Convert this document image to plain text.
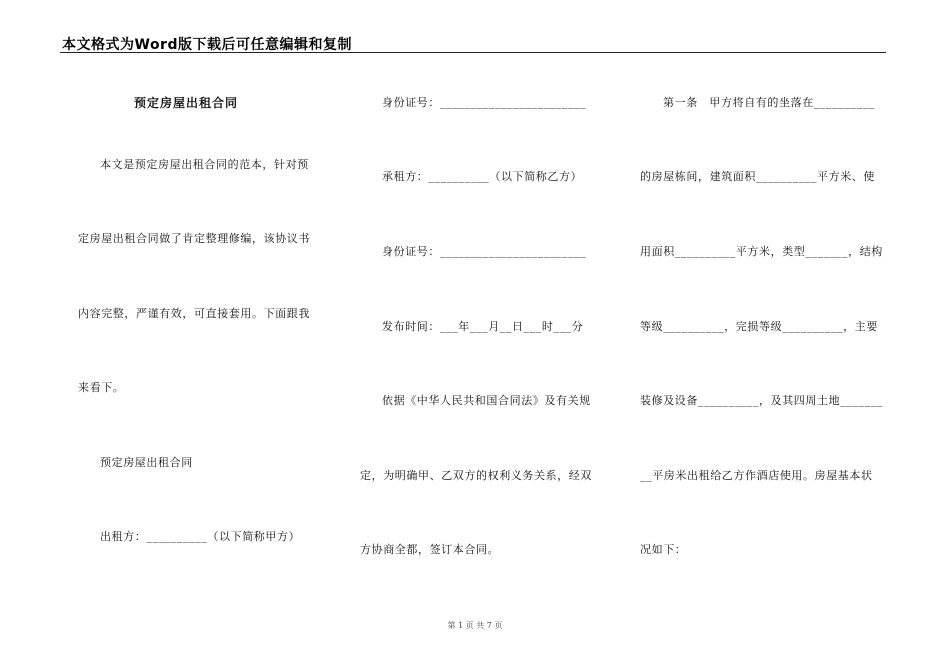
本文格式为Word版下载后可任意编辑和复制
预定房屋出租合同
本文是预定房屋出租合同的范本，针对预
定房屋出租合同做了肯定整理修编，该协议书
内容完整，严谨有效，可直接套用。下面跟我
来看下。
预定房屋出租合同
出租方：__________（以下简称甲方）
身份证号：________________________
承租方：__________（以下简称乙方）
身份证号：________________________
发布时间：___年___月__日___时___分
依据《中华人民共和国合同法》及有关规
定，为明确甲、乙双方的权利义务关系，经双
方协商全都，签订本合同。
第一条　甲方将自有的坐落在__________
的房屋栋间，建筑面积__________平方米、使
用面积__________平方米，类型_______，结构
等级__________，完损等级__________，主要
装修及设备__________，及其四周土地_______
__平房米出租给乙方作酒店使用。房屋基本状
况如下：
第 1 页 共 7 页
